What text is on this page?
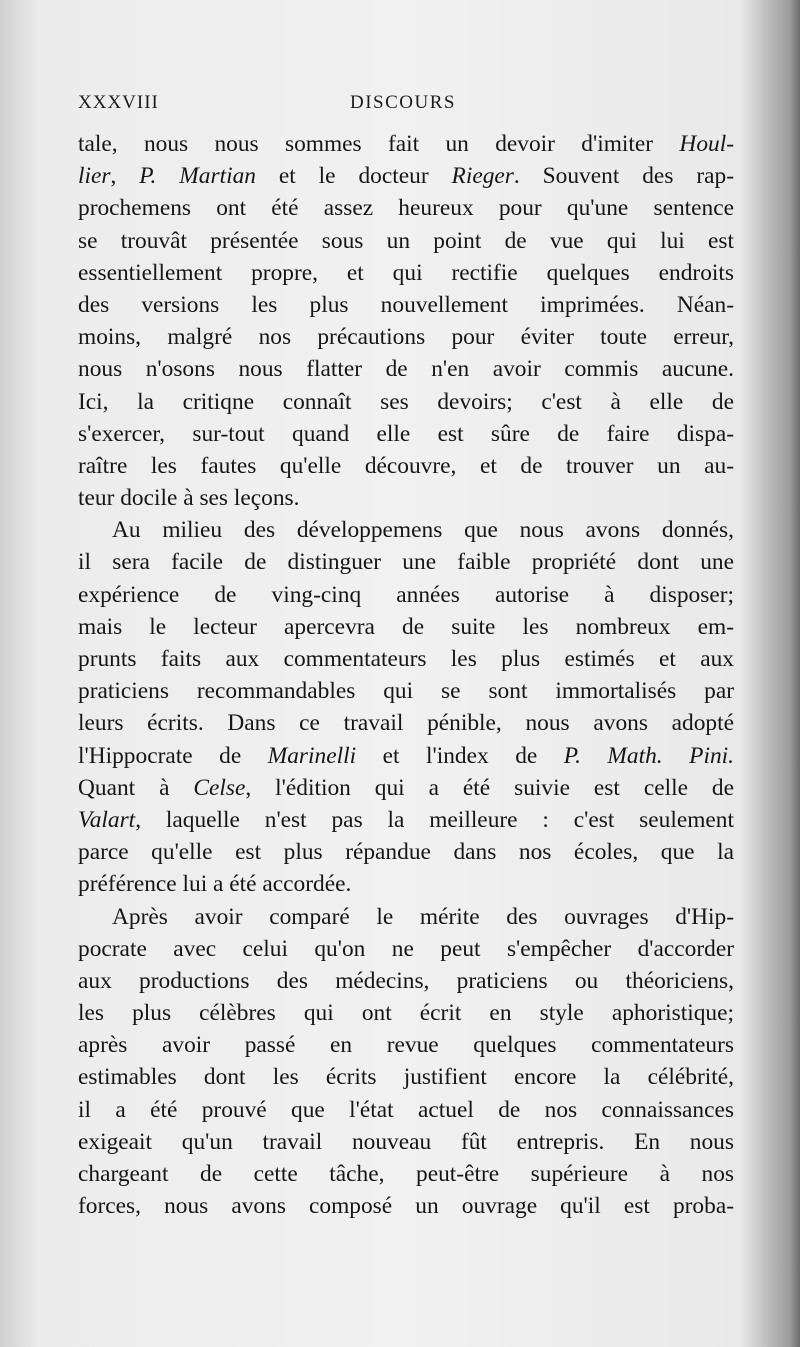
XXXVIII	DISCOURS
tale, nous nous sommes fait un devoir d'imiter Houl-
lier, P. Martian et le docteur Rieger. Souvent des rap-
prochemens ont été assez heureux pour qu'une sentence
se trouvât présentée sous un point de vue qui lui est
essentiellement propre, et qui rectifie quelques endroits
des versions les plus nouvellement imprimées. Néan-
moins, malgré nos précautions pour éviter toute erreur,
nous n'osons nous flatter de n'en avoir commis aucune.
Ici, la critiqne connaît ses devoirs; c'est à elle de
s'exercer, sur-tout quand elle est sûre de faire dispa-
raître les fautes qu'elle découvre, et de trouver un au-
teur docile à ses leçons.
Au milieu des développemens que nous avons donnés,
il sera facile de distinguer une faible propriété dont une
expérience de ving-cinq années autorise à disposer;
mais le lecteur apercevra de suite les nombreux em-
prunts faits aux commentateurs les plus estimés et aux
praticiens recommandables qui se sont immortalisés par
leurs écrits. Dans ce travail pénible, nous avons adopté
l'Hippocrate de Marinelli et l'index de P. Math. Pini.
Quant à Celse, l'édition qui a été suivie est celle de
Valart, laquelle n'est pas la meilleure : c'est seulement
parce qu'elle est plus répandue dans nos écoles, que la
préférence lui a été accordée.
Après avoir comparé le mérite des ouvrages d'Hip-
pocrate avec celui qu'on ne peut s'empêcher d'accorder
aux productions des médecins, praticiens ou théoriciens,
les plus célèbres qui ont écrit en style aphoristique;
après avoir passé en revue quelques commentateurs
estimables dont les écrits justifient encore la célébrité,
il a été prouvé que l'état actuel de nos connaissances
exigeait qu'un travail nouveau fût entrepris. En nous
chargeant de cette tâche, peut-être supérieure à nos
forces, nous avons composé un ouvrage qu'il est proba-
